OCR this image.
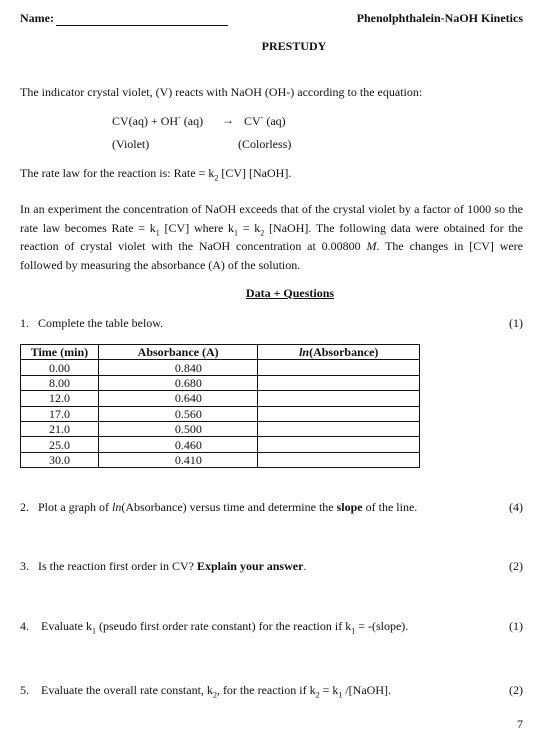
Name:	Phenolphthalein-NaOH Kinetics
PRESTUDY
The indicator crystal violet, (V) reacts with NaOH (OH-) according to the equation:
CV(aq) + OH- (aq) → CV- (aq)
(Violet)	(Colorless)
The rate law for the reaction is: Rate = $k_2$ [CV] [NaOH].
In an experiment the concentration of NaOH exceeds that of the crystal violet by a factor of 1000 so the rate law becomes Rate = $k_1$ [CV] where $k_1 = k_2$ [NaOH]. The following data were obtained for the reaction of crystal violet with the NaOH concentration at 0.00800 M. The changes in [CV] were followed by measuring the absorbance (A) of the solution.
Data + Questions
1. Complete the table below.	(1)
Time (min)	Absorbance (A)	ln(Absorbance)
0.00	0.840	
8.00	0.680	
12.0	0.640	
17.0	0.560	
21.0	0.500	
25.0	0.460	
30.0	0.410	
2. Plot a graph of ln(Absorbance) versus time and determine the slope of the line.	(4)
3. Is the reaction first order in CV? Explain your answer.	(2)
4. Evaluate $k_1$ (pseudo first order rate constant) for the reaction if $k_1$ = -(slope).	(1)
5. Evaluate the overall rate constant, $k_2$, for the reaction if $k_2 = k_1$ /[NaOH].	(2)
7
